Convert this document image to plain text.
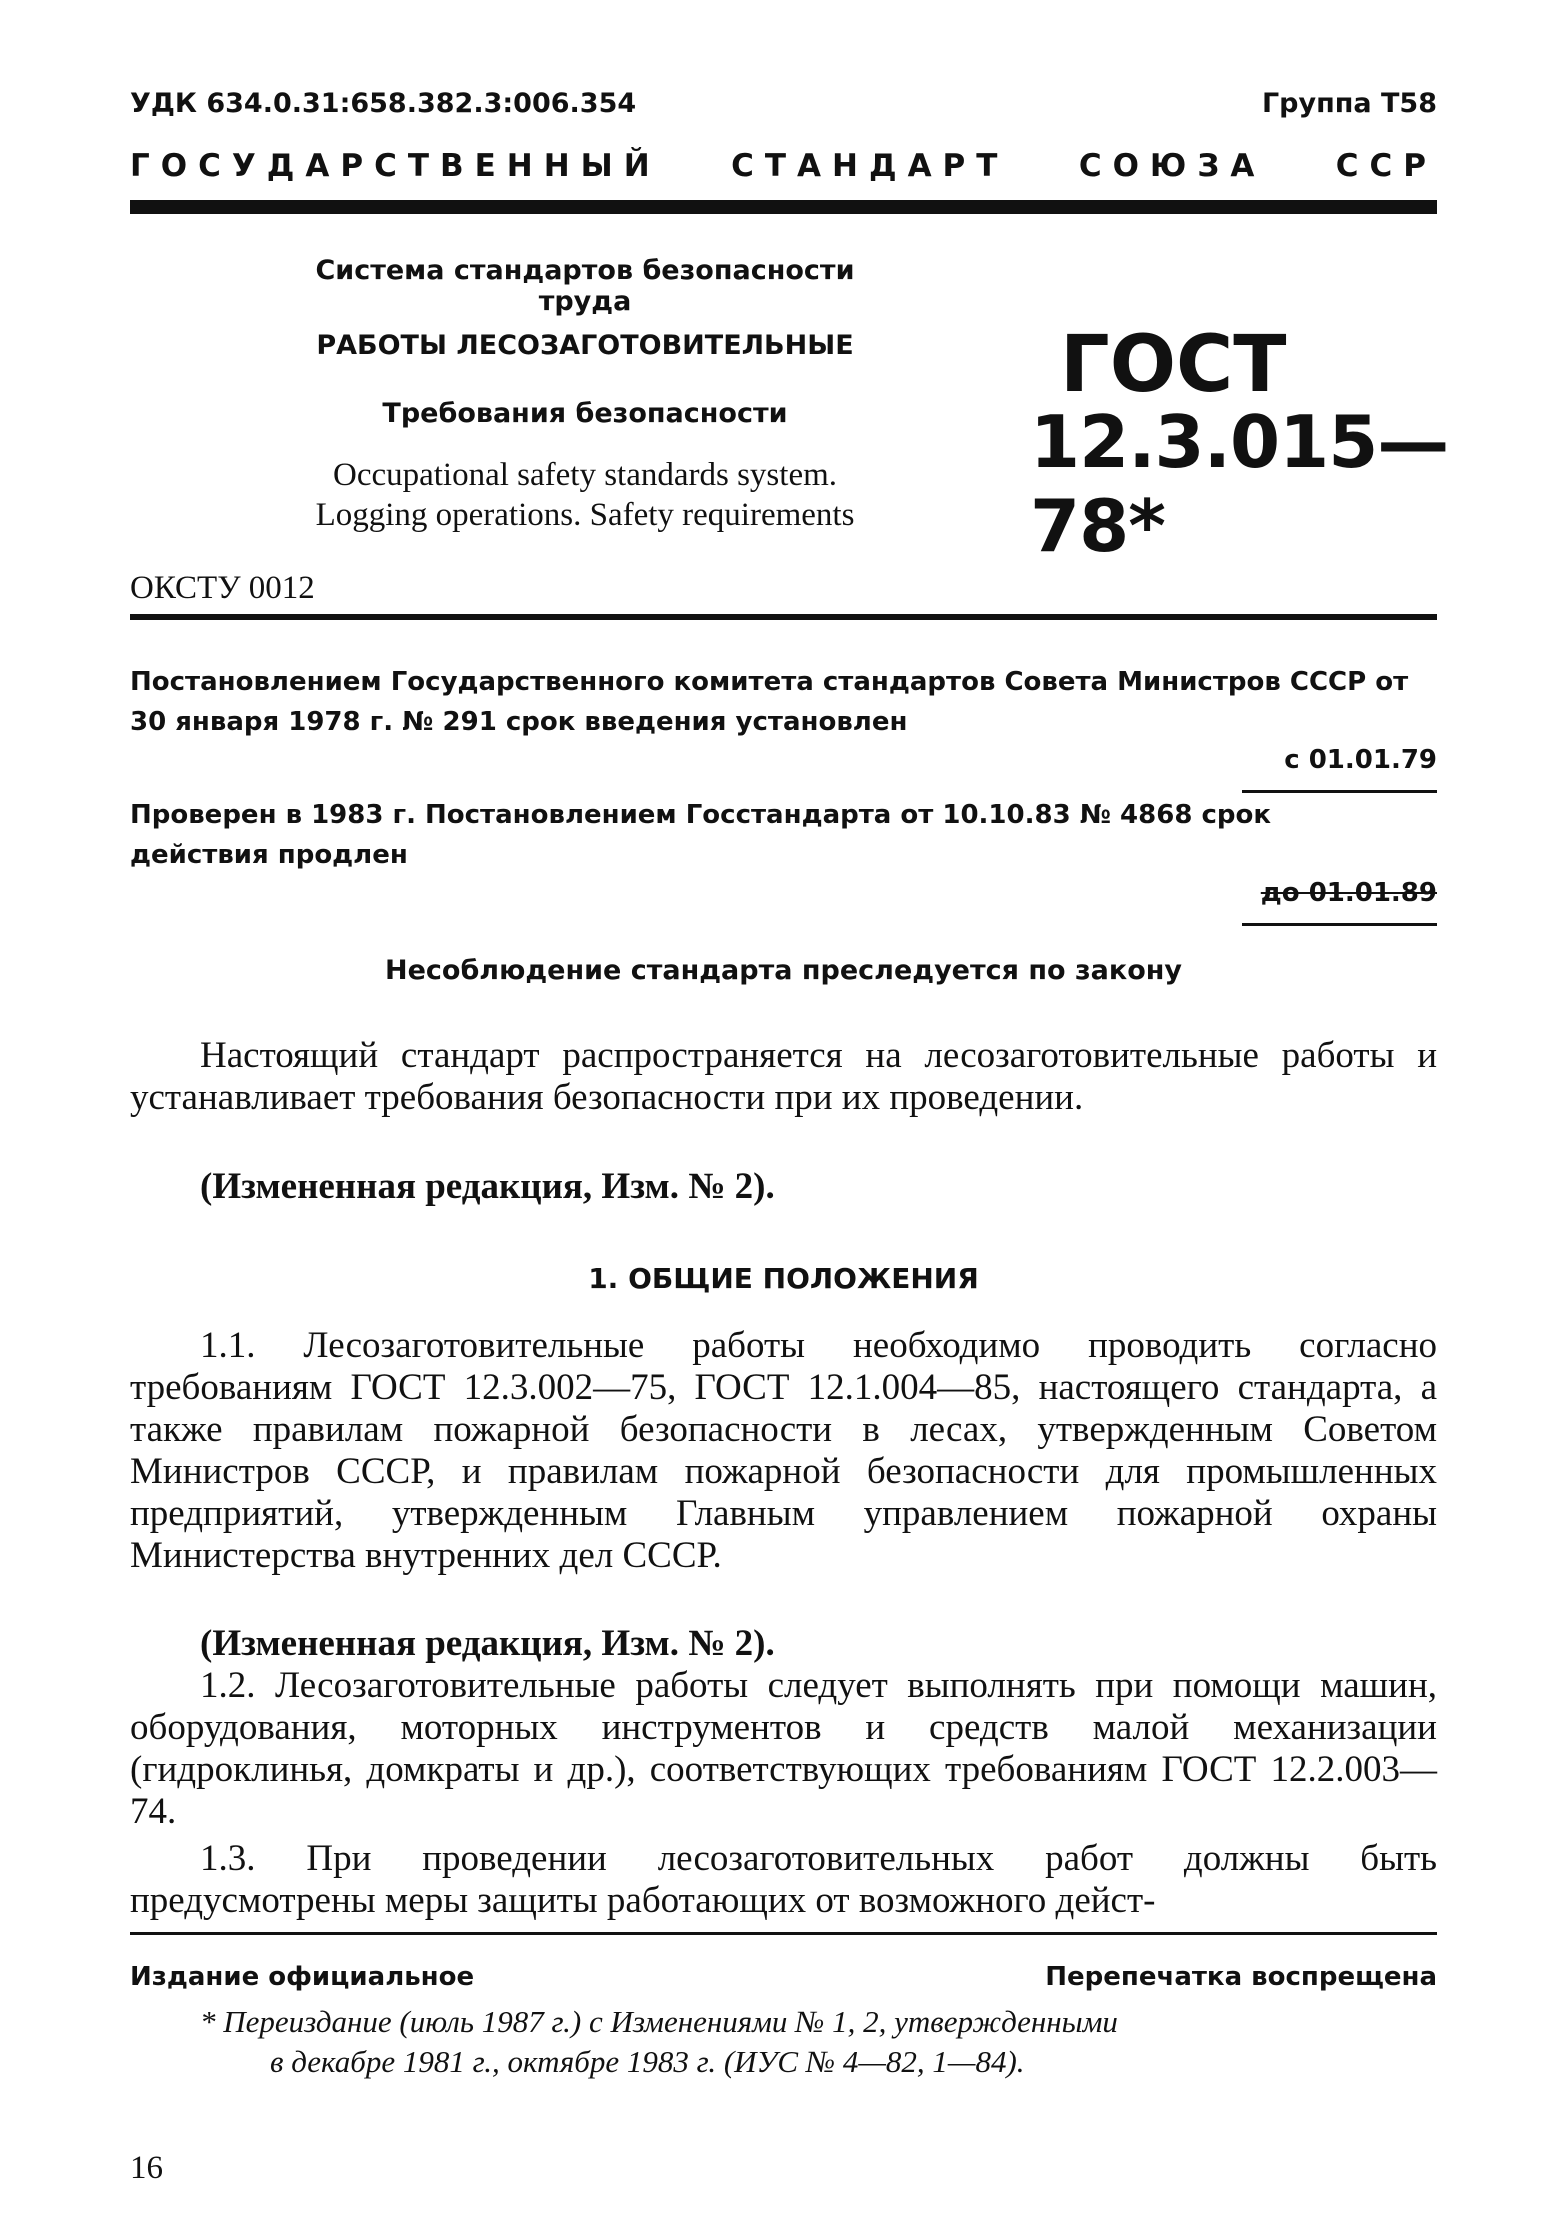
УДК 634.0.31:658.382.3:006.354	Группа Т58
ГОСУДАРСТВЕННЫЙ СТАНДАРТ СОЮЗА ССР
Система стандартов безопасности труда
РАБОТЫ ЛЕСОЗАГОТОВИТЕЛЬНЫЕ
Требования безопасности
Occupational safety standards system.
Logging operations. Safety requirements
ГОСТ
12.3.015—78*
ОКСТУ 0012
Постановлением Государственного комитета стандартов Совета Министров СССР от 30 января 1978 г. № 291 срок введения установлен
с 01.01.79
Проверен в 1983 г. Постановлением Госстандарта от 10.10.83 № 4868 срок действия продлен
до 01.01.89
Несоблюдение стандарта преследуется по закону
Настоящий стандарт распространяется на лесозаготовительные работы и устанавливает требования безопасности при их проведении.
(Измененная редакция, Изм. № 2).
1. ОБЩИЕ ПОЛОЖЕНИЯ
1.1. Лесозаготовительные работы необходимо проводить согласно требованиям ГОСТ 12.3.002—75, ГОСТ 12.1.004—85, настоящего стандарта, а также правилам пожарной безопасности в лесах, утвержденным Советом Министров СССР, и правилам пожарной безопасности для промышленных предприятий, утвержденным Главным управлением пожарной охраны Министерства внутренних дел СССР.
(Измененная редакция, Изм. № 2).
1.2. Лесозаготовительные работы следует выполнять при помощи машин, оборудования, моторных инструментов и средств малой механизации (гидроклинья, домкраты и др.), соответствующих требованиям ГОСТ 12.2.003—74.
1.3. При проведении лесозаготовительных работ должны быть предусмотрены меры защиты работающих от возможного дейст-
Издание официальное	Перепечатка воспрещена
* Переиздание (июль 1987 г.) с Изменениями № 1, 2, утвержденными
в декабре 1981 г., октябре 1983 г. (ИУС № 4—82, 1—84).
16
